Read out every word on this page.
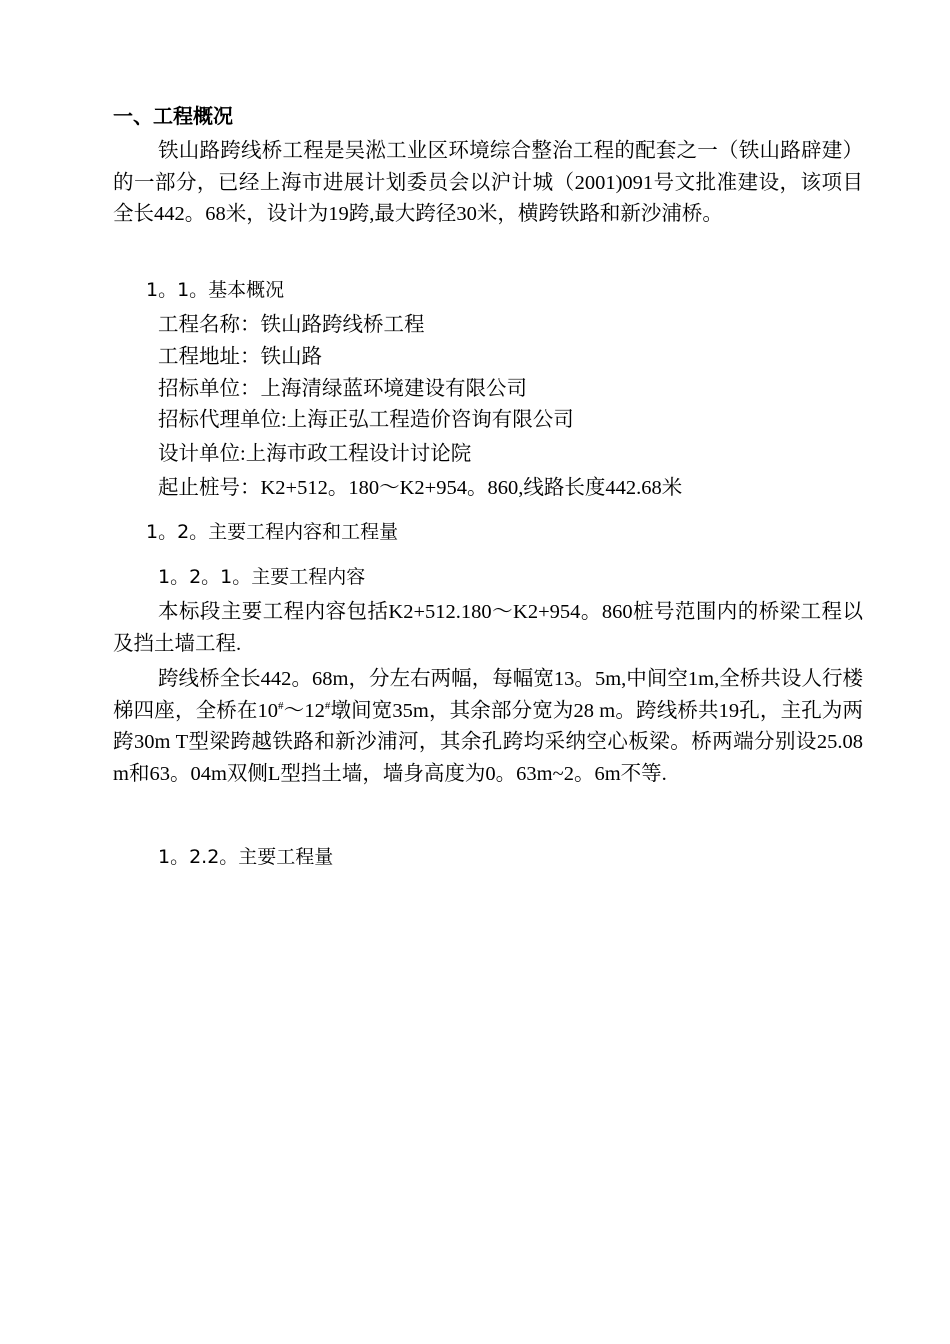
一、工程概况
铁山路跨线桥工程是吴淞工业区环境综合整治工程的配套之一（铁山路辟建）的一部分，已经上海市进展计划委员会以沪计城（2001)091号文批准建设，该项目全长442。68米，设计为19跨,最大跨径30米，横跨铁路和新沙浦桥。
1。1。基本概况
工程名称：铁山路跨线桥工程
工程地址：铁山路
招标单位：上海清绿蓝环境建设有限公司
招标代理单位:上海正弘工程造价咨询有限公司
设计单位:上海市政工程设计讨论院
起止桩号：K2+512。180～K2+954。860,线路长度442.68米
1。2。主要工程内容和工程量
1。2。1。主要工程内容
本标段主要工程内容包括K2+512.180～K2+954。860桩号范围内的桥梁工程以及挡土墙工程.
跨线桥全长442。68m，分左右两幅，每幅宽13。5m,中间空1m,全桥共设人行楼梯四座，全桥在10#～12#墩间宽35m，其余部分宽为28 m。跨线桥共19孔，主孔为两跨30m T型梁跨越铁路和新沙浦河，其余孔跨均采纳空心板梁。桥两端分别设25.08 m和63。04m双侧L型挡土墙，墙身高度为0。63m~2。6m不等.
1。2.2。主要工程量
